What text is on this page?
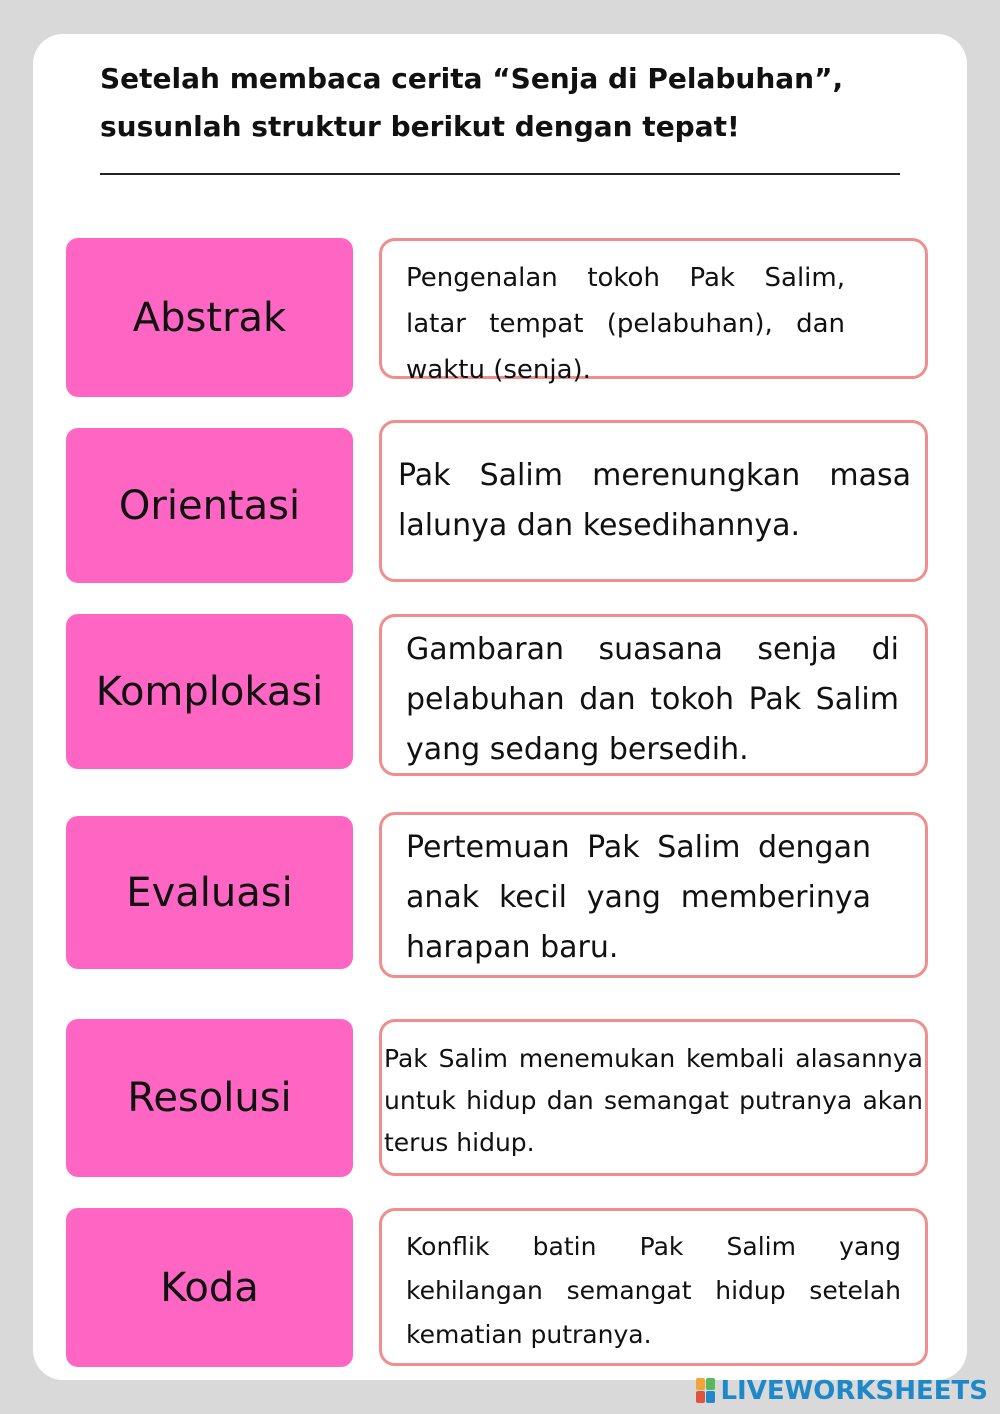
Setelah membaca cerita “Senja di Pelabuhan”,
susunlah struktur berikut dengan tepat!
Abstrak
Orientasi
Komplokasi
Evaluasi
Resolusi
Koda
Pengenalan tokoh Pak Salim, latar tempat (pelabuhan), dan waktu (senja).
Pak Salim merenungkan masa lalunya dan kesedihannya.
Gambaran suasana senja di pelabuhan dan tokoh Pak Salim yang sedang bersedih.
Pertemuan Pak Salim dengan anak kecil yang memberinya harapan baru.
Pak Salim menemukan kembali alasannya untuk hidup dan semangat putranya akan terus hidup.
Konflik batin Pak Salim yang kehilangan semangat hidup setelah kematian putranya.
LIVEWORKSHEETS
